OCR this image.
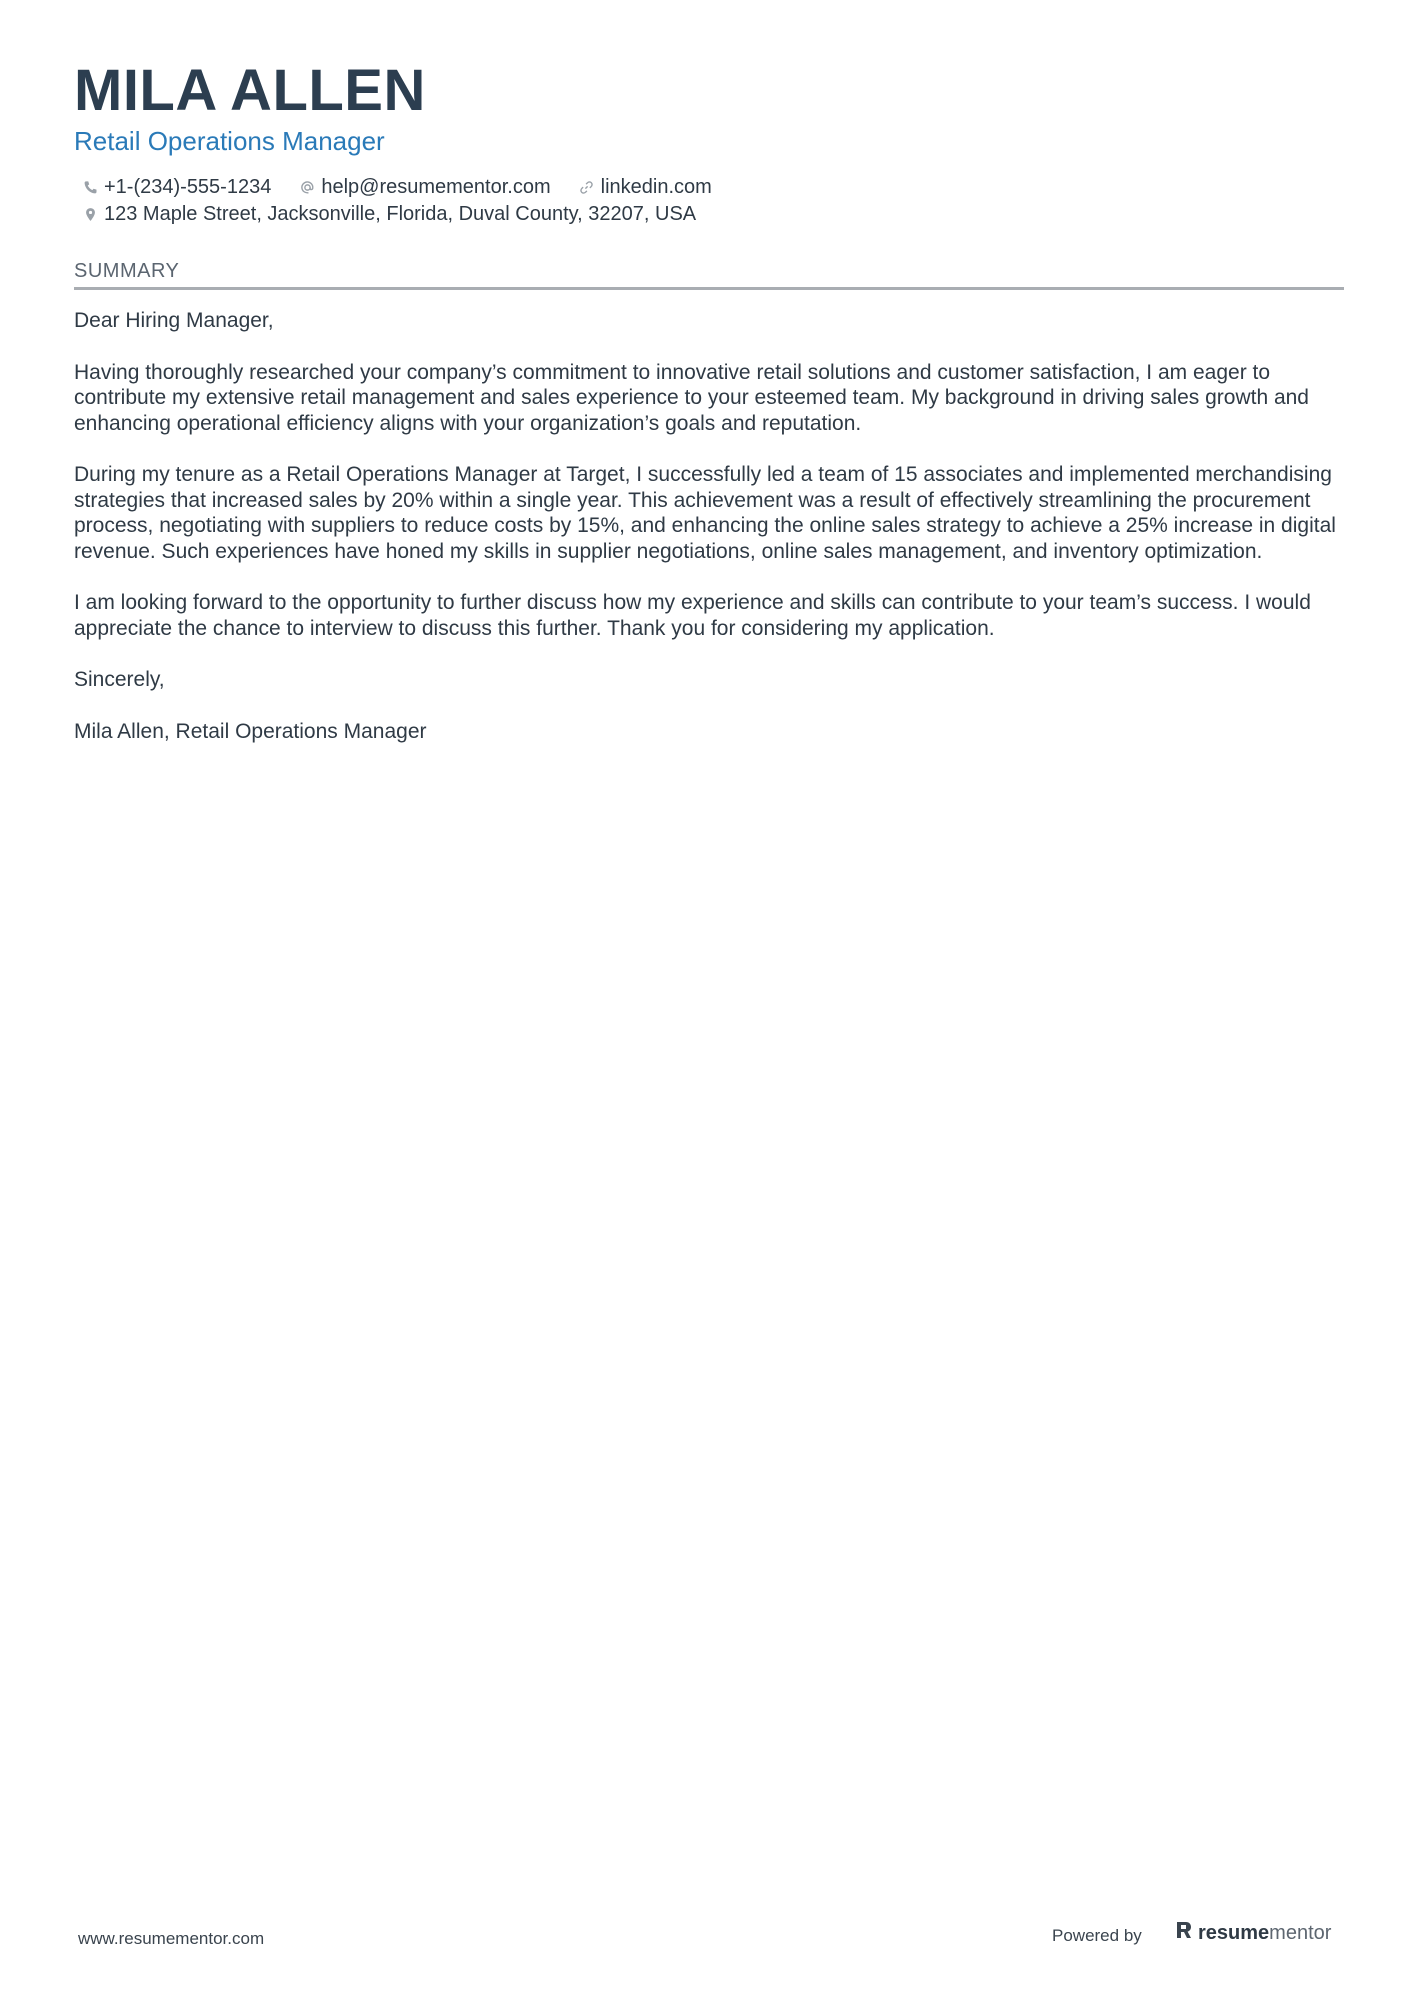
MILA ALLEN
Retail Operations Manager
+1-(234)-555-1234	help@resumementor.com	linkedin.com
123 Maple Street, Jacksonville, Florida, Duval County, 32207, USA
SUMMARY

Dear Hiring Manager,

Having thoroughly researched your company’s commitment to innovative retail solutions and customer satisfaction, I am eager to contribute my extensive retail management and sales experience to your esteemed team. My background in driving sales growth and enhancing operational efficiency aligns with your organization’s goals and reputation.

During my tenure as a Retail Operations Manager at Target, I successfully led a team of 15 associates and implemented merchandising strategies that increased sales by 20% within a single year. This achievement was a result of effectively streamlining the procurement process, negotiating with suppliers to reduce costs by 15%, and enhancing the online sales strategy to achieve a 25% increase in digital revenue. Such experiences have honed my skills in supplier negotiations, online sales management, and inventory optimization.

I am looking forward to the opportunity to further discuss how my experience and skills can contribute to your team’s success. I would appreciate the chance to interview to discuss this further. Thank you for considering my application.

Sincerely,

Mila Allen, Retail Operations Manager

www.resumementor.com	Powered by	resumementor
